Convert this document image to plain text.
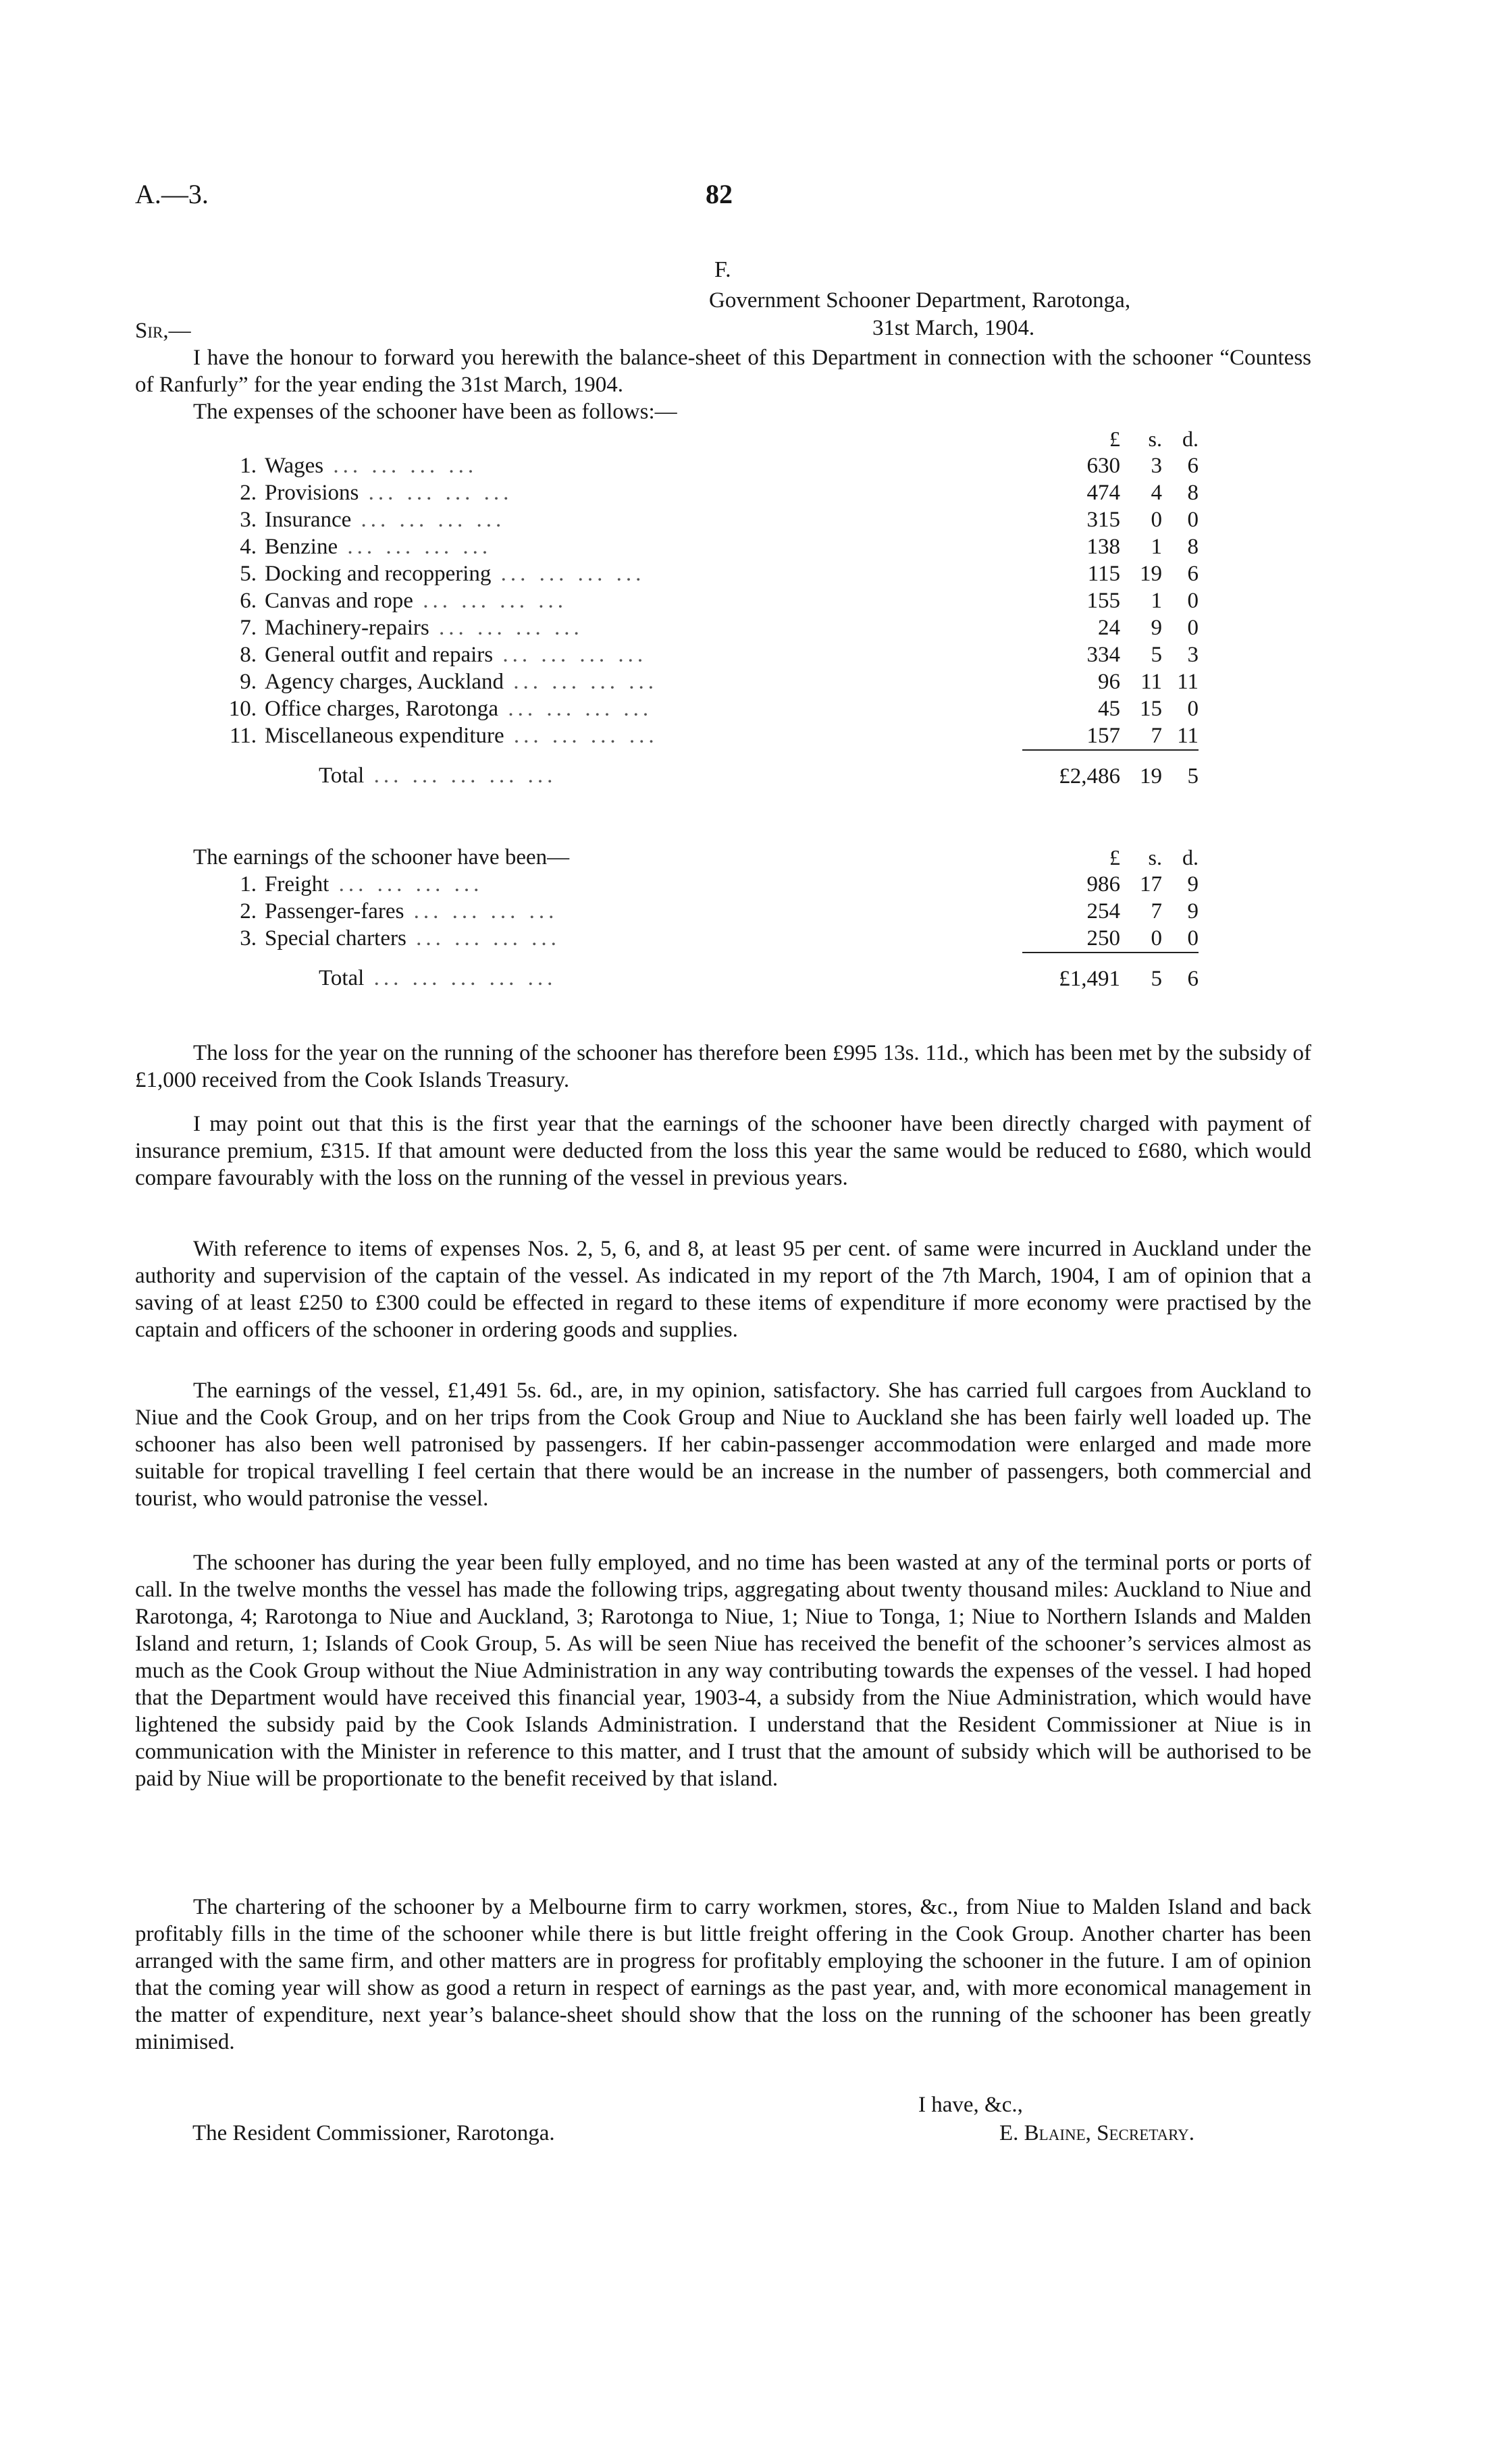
A.—3.	82
F.
Government Schooner Department, Rarotonga,
31st March, 1904.
Sir,—

I have the honour to forward you herewith the balance-sheet of this Department in connection with the schooner “Countess of Ranfurly” for the year ending the 31st March, 1904.

The expenses of the schooner have been as follows:—
		£	s.	d.
1.	Wages ... ... ... ...	630	3	6
2.	Provisions ... ... ... ...	474	4	8
3.	Insurance ... ... ... ...	315	0	0
4.	Benzine ... ... ... ...	138	1	8
5.	Docking and recoppering ... ... ... ...	115	19	6
6.	Canvas and rope ... ... ... ...	155	1	0
7.	Machinery-repairs ... ... ... ...	24	9	0
8.	General outfit and repairs ... ... ... ...	334	5	3
9.	Agency charges, Auckland ... ... ... ...	96	11	11
10.	Office charges, Rarotonga ... ... ... ...	45	15	0
11.	Miscellaneous expenditure ... ... ... ...	157	7	11
	Total ... ... ... ... ...	£2,486	19	5
The earnings of the schooner have been—
			£	s.	d.
1.	Freight ... ... ... ...	986	17	9
2.	Passenger-fares ... ... ... ...	254	7	9
3.	Special charters ... ... ... ...	250	0	0
	Total ... ... ... ... ...	£1,491	5	6

The loss for the year on the running of the schooner has therefore been £995 13s. 11d., which has been met by the subsidy of £1,000 received from the Cook Islands Treasury.

I may point out that this is the first year that the earnings of the schooner have been directly charged with payment of insurance premium, £315. If that amount were deducted from the loss this year the same would be reduced to £680, which would compare favourably with the loss on the running of the vessel in previous years.

With reference to items of expenses Nos. 2, 5, 6, and 8, at least 95 per cent. of same were incurred in Auckland under the authority and supervision of the captain of the vessel. As indicated in my report of the 7th March, 1904, I am of opinion that a saving of at least £250 to £300 could be effected in regard to these items of expenditure if more economy were practised by the captain and officers of the schooner in ordering goods and supplies.

The earnings of the vessel, £1,491 5s. 6d., are, in my opinion, satisfactory. She has carried full cargoes from Auckland to Niue and the Cook Group, and on her trips from the Cook Group and Niue to Auckland she has been fairly well loaded up. The schooner has also been well patronised by passengers. If her cabin-passenger accommodation were enlarged and made more suitable for tropical travelling I feel certain that there would be an increase in the number of passengers, both commercial and tourist, who would patronise the vessel.

The schooner has during the year been fully employed, and no time has been wasted at any of the terminal ports or ports of call. In the twelve months the vessel has made the following trips, aggregating about twenty thousand miles: Auckland to Niue and Rarotonga, 4; Rarotonga to Niue and Auckland, 3; Rarotonga to Niue, 1; Niue to Tonga, 1; Niue to Northern Islands and Malden Island and return, 1; Islands of Cook Group, 5. As will be seen Niue has received the benefit of the schooner’s services almost as much as the Cook Group without the Niue Administration in any way contributing towards the expenses of the vessel. I had hoped that the Department would have received this financial year, 1903-4, a subsidy from the Niue Administration, which would have lightened the subsidy paid by the Cook Islands Administration. I understand that the Resident Commissioner at Niue is in communication with the Minister in reference to this matter, and I trust that the amount of subsidy which will be authorised to be paid by Niue will be proportionate to the benefit received by that island.

The chartering of the schooner by a Melbourne firm to carry workmen, stores, &c., from Niue to Malden Island and back profitably fills in the time of the schooner while there is but little freight offering in the Cook Group. Another charter has been arranged with the same firm, and other matters are in progress for profitably employing the schooner in the future. I am of opinion that the coming year will show as good a return in respect of earnings as the past year, and, with more economical management in the matter of expenditure, next year’s balance-sheet should show that the loss on the running of the schooner has been greatly minimised.

I have, &c.,
E. Blaine, Secretary.
The Resident Commissioner, Rarotonga.
